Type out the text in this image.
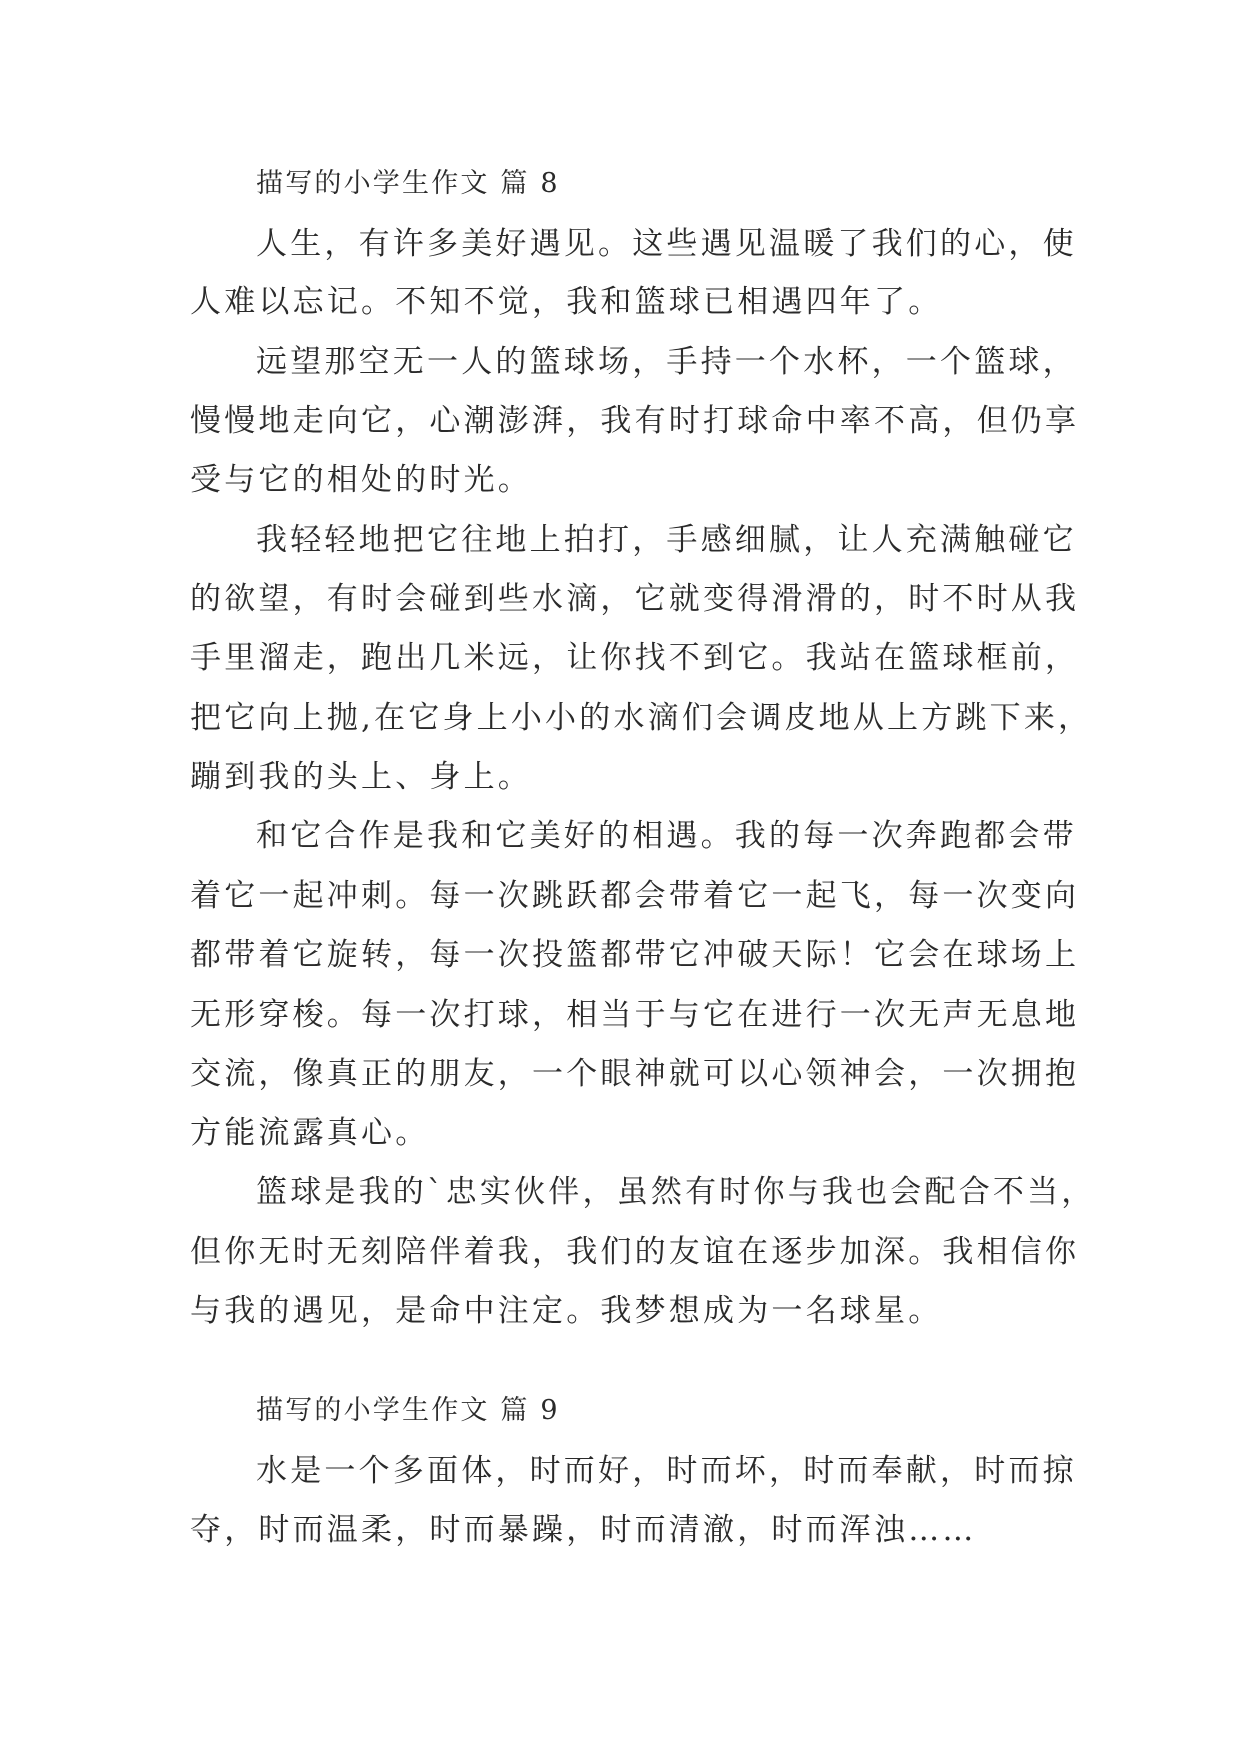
描写的小学生作文 篇 8
人生，有许多美好遇见。这些遇见温暖了我们的心，使
人难以忘记。不知不觉，我和篮球已相遇四年了。
远望那空无一人的篮球场，手持一个水杯，一个篮球，
慢慢地走向它，心潮澎湃，我有时打球命中率不高，但仍享
受与它的相处的时光。
我轻轻地把它往地上拍打，手感细腻，让人充满触碰它
的欲望，有时会碰到些水滴，它就变得滑滑的，时不时从我
手里溜走，跑出几米远，让你找不到它。我站在篮球框前，
把它向上抛,在它身上小小的水滴们会调皮地从上方跳下来，
蹦到我的头上、身上。
和它合作是我和它美好的相遇。我的每一次奔跑都会带
着它一起冲刺。每一次跳跃都会带着它一起飞，每一次变向
都带着它旋转，每一次投篮都带它冲破天际！它会在球场上
无形穿梭。每一次打球，相当于与它在进行一次无声无息地
交流，像真正的朋友，一个眼神就可以心领神会，一次拥抱
方能流露真心。
篮球是我的`忠实伙伴，虽然有时你与我也会配合不当，
但你无时无刻陪伴着我，我们的友谊在逐步加深。我相信你
与我的遇见，是命中注定。我梦想成为一名球星。
描写的小学生作文 篇 9
水是一个多面体，时而好，时而坏，时而奉献，时而掠
夺，时而温柔，时而暴躁，时而清澈，时而浑浊……
